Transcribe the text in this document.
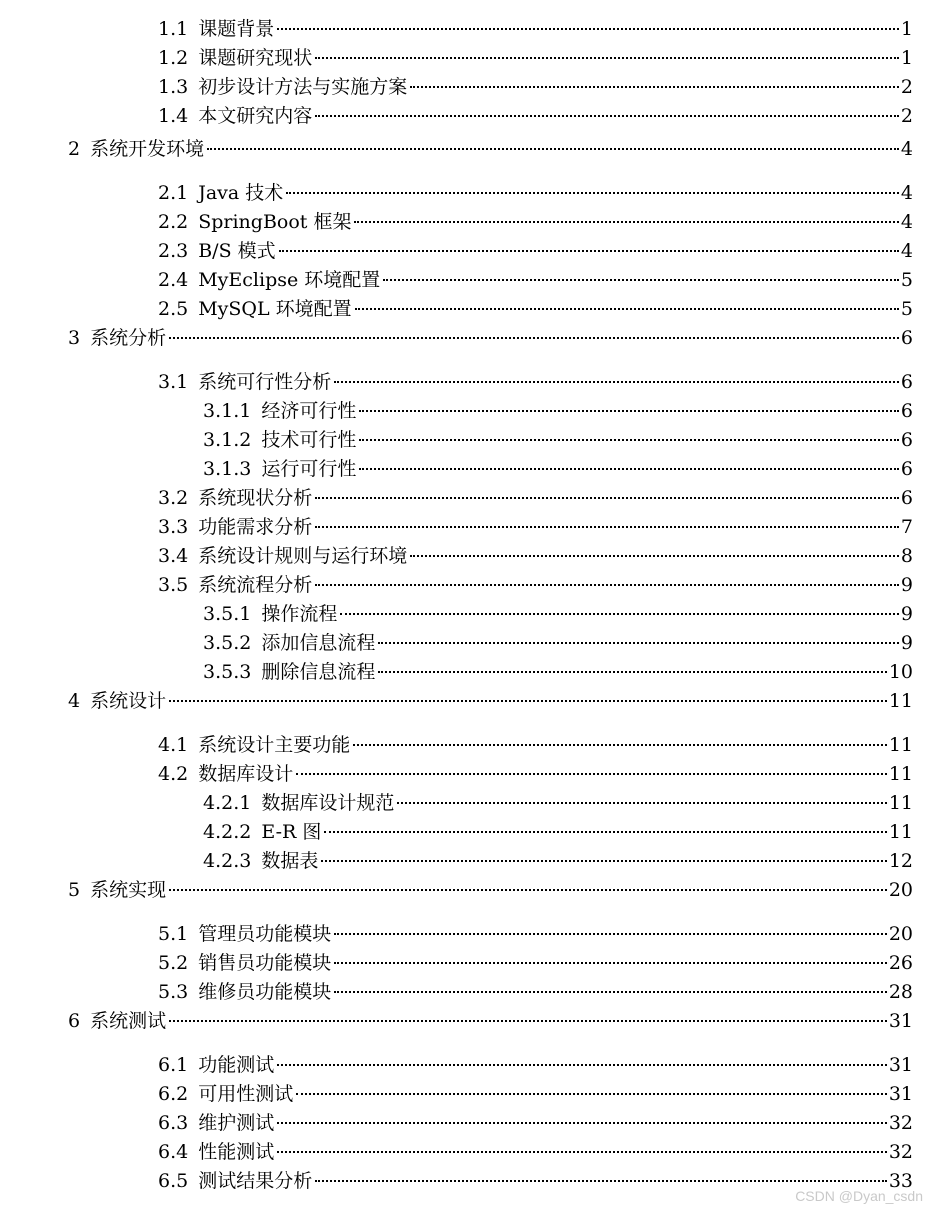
1.1 课题背景	1
1.2 课题研究现状	1
1.3 初步设计方法与实施方案	2
1.4 本文研究内容	2
2 系统开发环境	4
2.1 Java 技术	4
2.2 SpringBoot 框架	4
2.3 B/S 模式	4
2.4 MyEclipse 环境配置	5
2.5 MySQL 环境配置	5
3 系统分析	6
3.1 系统可行性分析	6
3.1.1 经济可行性	6
3.1.2 技术可行性	6
3.1.3 运行可行性	6
3.2 系统现状分析	6
3.3 功能需求分析	7
3.4 系统设计规则与运行环境	8
3.5 系统流程分析	9
3.5.1 操作流程	9
3.5.2 添加信息流程	9
3.5.3 删除信息流程	10
4 系统设计	11
4.1 系统设计主要功能	11
4.2 数据库设计	11
4.2.1 数据库设计规范	11
4.2.2 E-R 图	11
4.2.3 数据表	12
5 系统实现	20
5.1 管理员功能模块	20
5.2 销售员功能模块	26
5.3 维修员功能模块	28
6 系统测试	31
6.1 功能测试	31
6.2 可用性测试	31
6.3 维护测试	32
6.4 性能测试	32
6.5 测试结果分析	33
CSDN @Dyan_csdn
